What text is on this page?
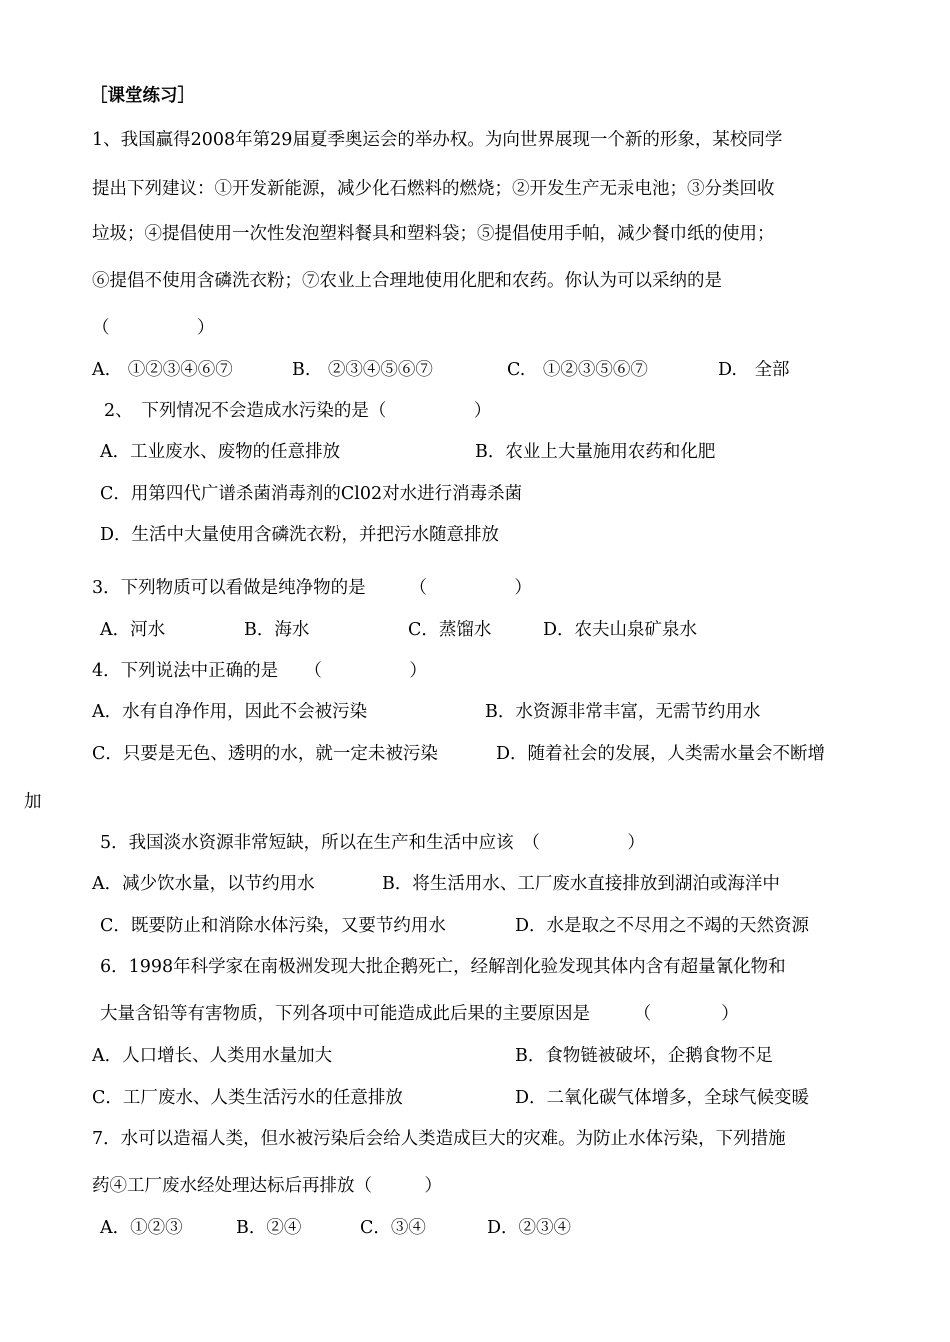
［课堂练习］
1、我国赢得2008年第29届夏季奥运会的举办权。为向世界展现一个新的形象，某校同学
提出下列建议：①开发新能源，减少化石燃料的燃烧；②开发生产无汞电池；③分类回收
垃圾；④提倡使用一次性发泡塑料餐具和塑料袋；⑤提倡使用手帕，减少餐巾纸的使用；
⑥提倡不使用含磷洗衣粉；⑦农业上合理地使用化肥和农药。你认为可以采纳的是
（　　　　　）
A.　①②③④⑥⑦	B.　②③④⑤⑥⑦	C.　①②③⑤⑥⑦	D.　全部
2、　下列情况不会造成水污染的是（　　　　　）
A．工业废水、废物的任意排放	B．农业上大量施用农药和化肥
C．用第四代广谱杀菌消毒剂的Cl02对水进行消毒杀菌
D．生活中大量使用含磷洗衣粉，并把污水随意排放
3．下列物质可以看做是纯净物的是　　　（　　　　　）
A．河水	B．海水	C．蒸馏水	D．农夫山泉矿泉水
4．下列说法中正确的是　　（　　　　　）
A．水有自净作用，因此不会被污染	B．水资源非常丰富，无需节约用水
C．只要是无色、透明的水，就一定未被污染	D．随着社会的发展，人类需水量会不断增
加
5．我国淡水资源非常短缺，所以在生产和生活中应该　（　　　　　）
A．减少饮水量，以节约用水	B．将生活用水、工厂废水直接排放到湖泊或海洋中
C．既要防止和消除水体污染，又要节约用水	D．水是取之不尽用之不竭的天然资源
6．1998年科学家在南极洲发现大批企鹅死亡，经解剖化验发现其体内含有超量氰化物和
大量含铅等有害物质，下列各项中可能造成此后果的主要原因是　　　（　　　　）
A．人口增长、人类用水量加大	B．食物链被破坏，企鹅食物不足
C．工厂废水、人类生活污水的任意排放	D．二氧化碳气体增多，全球气候变暖
7．水可以造福人类，但水被污染后会给人类造成巨大的灾难。为防止水体污染，下列措施
药④工厂废水经处理达标后再排放（　　　）
A．①②③	B．②④	C．③④	D．②③④
